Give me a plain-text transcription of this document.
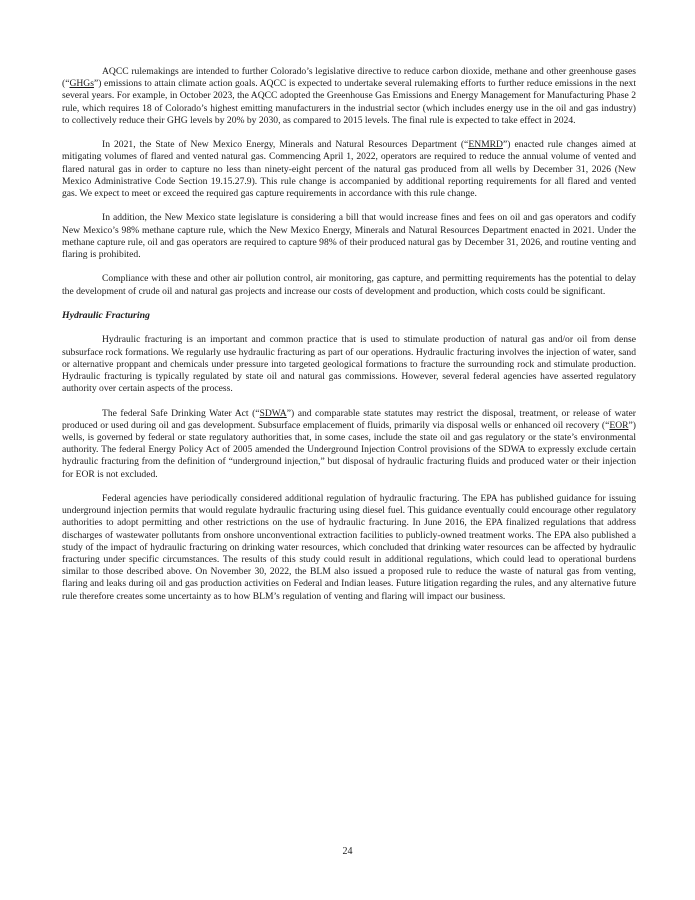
AQCC rulemakings are intended to further Colorado’s legislative directive to reduce carbon dioxide, methane and other greenhouse gases (“GHGs”) emissions to attain climate action goals. AQCC is expected to undertake several rulemaking efforts to further reduce emissions in the next several years. For example, in October 2023, the AQCC adopted the Greenhouse Gas Emissions and Energy Management for Manufacturing Phase 2 rule, which requires 18 of Colorado’s highest emitting manufacturers in the industrial sector (which includes energy use in the oil and gas industry) to collectively reduce their GHG levels by 20% by 2030, as compared to 2015 levels. The final rule is expected to take effect in 2024.

In 2021, the State of New Mexico Energy, Minerals and Natural Resources Department (“ENMRD”) enacted rule changes aimed at mitigating volumes of flared and vented natural gas. Commencing April 1, 2022, operators are required to reduce the annual volume of vented and flared natural gas in order to capture no less than ninety-eight percent of the natural gas produced from all wells by December 31, 2026 (New Mexico Administrative Code Section 19.15.27.9). This rule change is accompanied by additional reporting requirements for all flared and vented gas. We expect to meet or exceed the required gas capture requirements in accordance with this rule change.

In addition, the New Mexico state legislature is considering a bill that would increase fines and fees on oil and gas operators and codify New Mexico’s 98% methane capture rule, which the New Mexico Energy, Minerals and Natural Resources Department enacted in 2021. Under the methane capture rule, oil and gas operators are required to capture 98% of their produced natural gas by December 31, 2026, and routine venting and flaring is prohibited.

Compliance with these and other air pollution control, air monitoring, gas capture, and permitting requirements has the potential to delay the development of crude oil and natural gas projects and increase our costs of development and production, which costs could be significant.

Hydraulic Fracturing

Hydraulic fracturing is an important and common practice that is used to stimulate production of natural gas and/or oil from dense subsurface rock formations. We regularly use hydraulic fracturing as part of our operations. Hydraulic fracturing involves the injection of water, sand or alternative proppant and chemicals under pressure into targeted geological formations to fracture the surrounding rock and stimulate production. Hydraulic fracturing is typically regulated by state oil and natural gas commissions. However, several federal agencies have asserted regulatory authority over certain aspects of the process.

The federal Safe Drinking Water Act (“SDWA”) and comparable state statutes may restrict the disposal, treatment, or release of water produced or used during oil and gas development. Subsurface emplacement of fluids, primarily via disposal wells or enhanced oil recovery (“EOR”) wells, is governed by federal or state regulatory authorities that, in some cases, include the state oil and gas regulatory or the state’s environmental authority. The federal Energy Policy Act of 2005 amended the Underground Injection Control provisions of the SDWA to expressly exclude certain hydraulic fracturing from the definition of “underground injection,” but disposal of hydraulic fracturing fluids and produced water or their injection for EOR is not excluded.

Federal agencies have periodically considered additional regulation of hydraulic fracturing. The EPA has published guidance for issuing underground injection permits that would regulate hydraulic fracturing using diesel fuel. This guidance eventually could encourage other regulatory authorities to adopt permitting and other restrictions on the use of hydraulic fracturing. In June 2016, the EPA finalized regulations that address discharges of wastewater pollutants from onshore unconventional extraction facilities to publicly-owned treatment works. The EPA also published a study of the impact of hydraulic fracturing on drinking water resources, which concluded that drinking water resources can be affected by hydraulic fracturing under specific circumstances. The results of this study could result in additional regulations, which could lead to operational burdens similar to those described above. On November 30, 2022, the BLM also issued a proposed rule to reduce the waste of natural gas from venting, flaring and leaks during oil and gas production activities on Federal and Indian leases. Future litigation regarding the rules, and any alternative future rule therefore creates some uncertainty as to how BLM’s regulation of venting and flaring will impact our business.

24
